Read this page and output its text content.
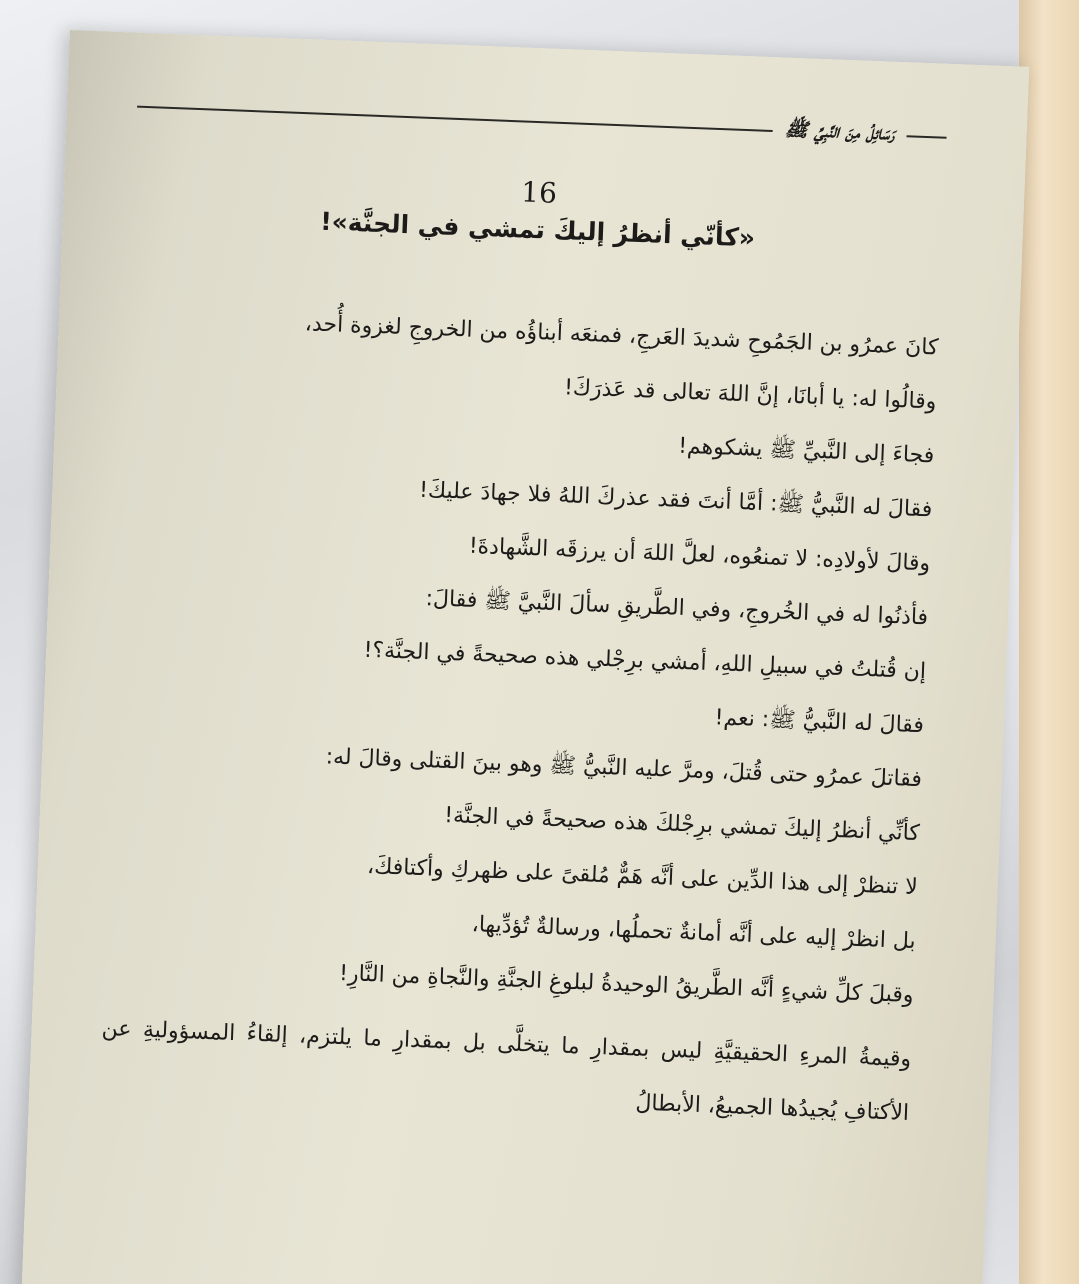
رَسَائِلُ مِنَ النَّبِيِّ ﷺ
16
«كأنّي أنظرُ إليكَ تمشي في الجنَّة»!

كانَ عمرُو بن الجَمُوحِ شديدَ العَرجِ، فمنعَه أبناؤُه من الخروجِ لغزوة أُحد،

وقالُوا له: يا أبانَا، إنَّ اللهَ تعالى قد عَذرَكَ!

فجاءَ إلى النَّبيِّ ﷺ يشكوهم!

فقالَ له النَّبيُّ ﷺ: أمَّا أنتَ فقد عذركَ اللهُ فلا جهادَ عليكَ!

وقالَ لأولادِه: لا تمنعُوه، لعلَّ اللهَ أن يرزقَه الشَّهادةَ!

فأذنُوا له في الخُروجِ، وفي الطَّريقِ سألَ النَّبيَّ ﷺ فقالَ:

إن قُتلتُ في سبيلِ اللهِ، أمشي برِجْلي هذه صحيحةً في الجنَّة؟!

فقالَ له النَّبيُّ ﷺ: نعم!

فقاتلَ عمرُو حتى قُتلَ، ومرَّ عليه النَّبيُّ ﷺ وهو بينَ القتلى وقالَ له:

كأنِّي أنظرُ إليكَ تمشي برِجْلكَ هذه صحيحةً في الجنَّة!

لا تنظرْ إلى هذا الدِّين على أنَّه هَمٌّ مُلقىً على ظهركِ وأكتافكَ،

بل انظرْ إليه على أنَّه أمانةٌ تحملُها، ورسالةٌ تُؤدِّيها،

وقبلَ كلِّ شيءٍ أنَّه الطَّريقُ الوحيدةُ لبلوغِ الجنَّةِ والنَّجاةِ من النَّارِ!

وقيمةُ المرءِ الحقيقيَّةِ ليس بمقدارِ ما يتخلَّى بل بمقدارِ ما يلتزم، إلقاءُ المسؤوليةِ عن الأكتافِ يُجيدُها الجميعُ، الأبطالُ
